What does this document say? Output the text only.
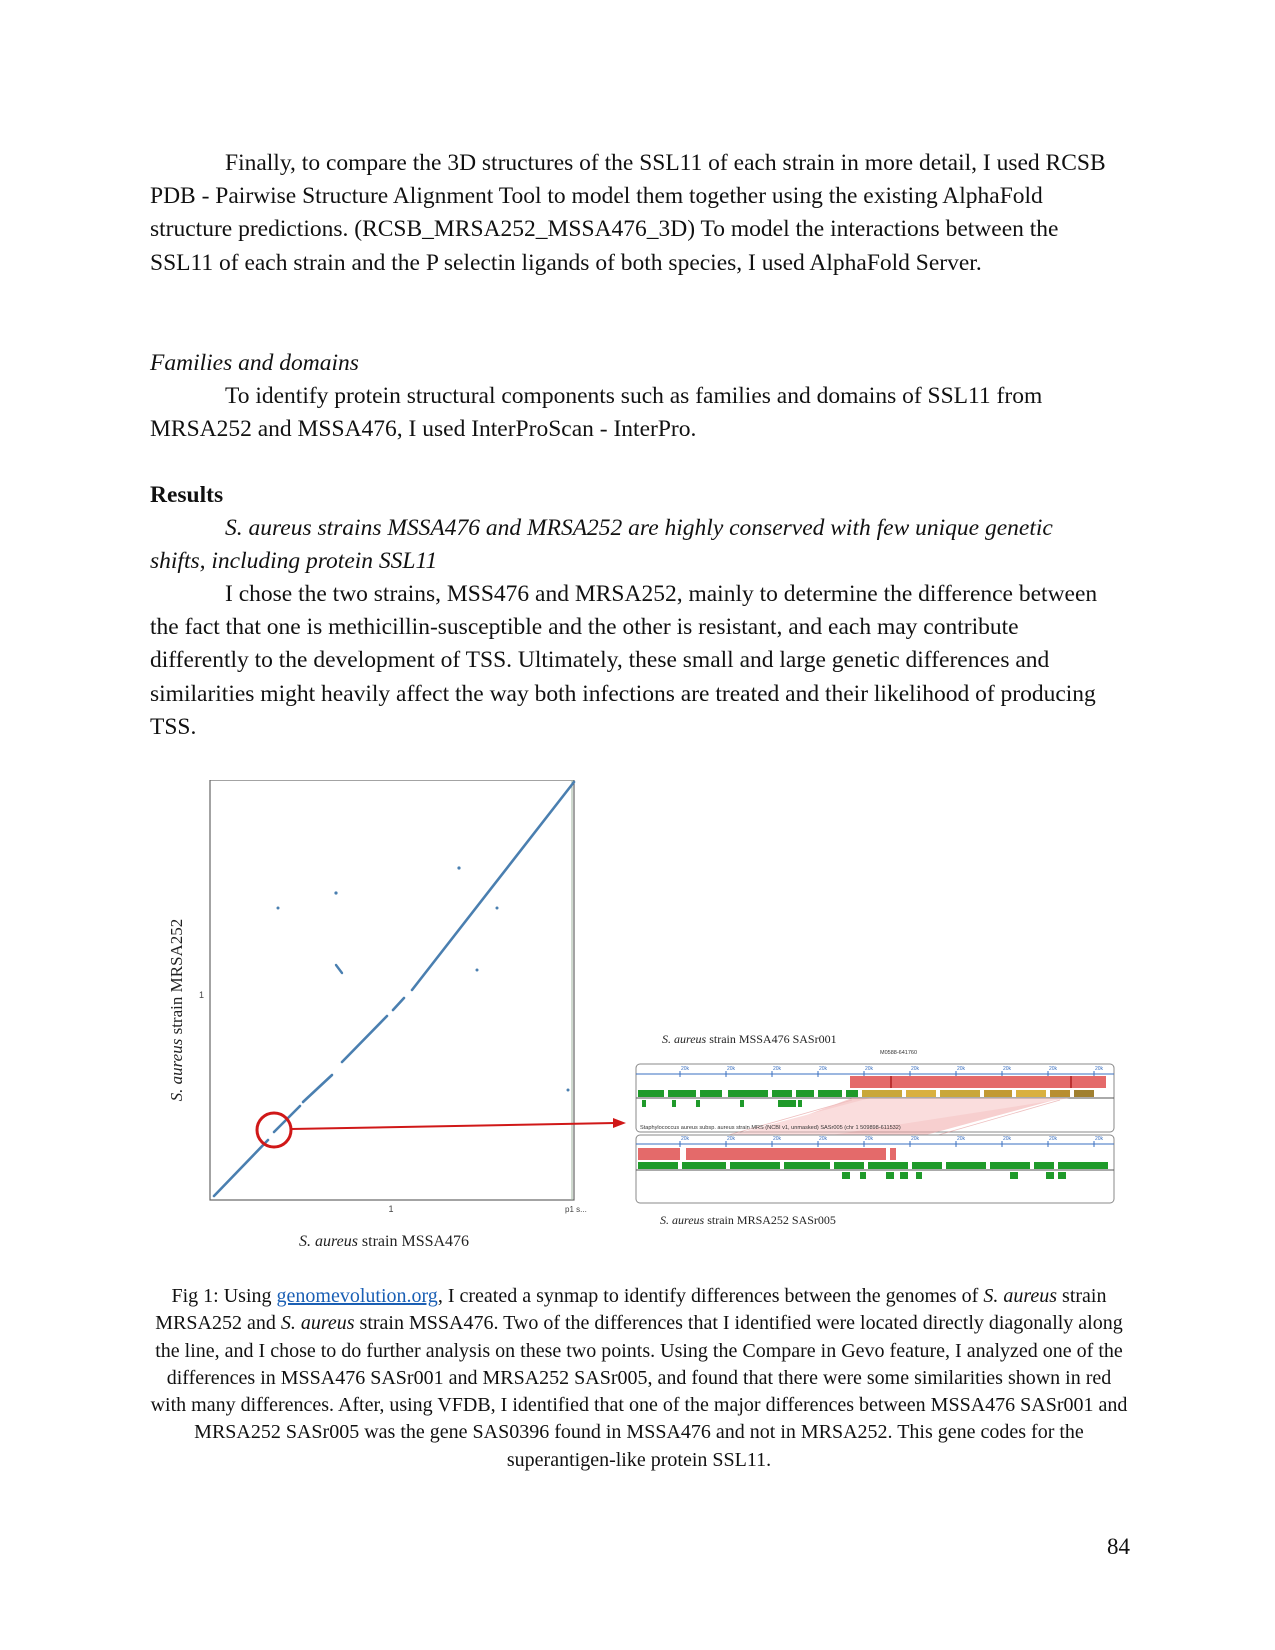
Finally, to compare the 3D structures of the SSL11 of each strain in more detail, I used RCSB PDB - Pairwise Structure Alignment Tool to model them together using the existing AlphaFold structure predictions. (RCSB_MRSA252_MSSA476_3D) To model the interactions between the SSL11 of each strain and the P selectin ligands of both species, I used AlphaFold Server.

Families and domains

To identify protein structural components such as families and domains of SSL11 from MRSA252 and MSSA476, I used InterProScan - InterPro.

Results

S. aureus strains MSSA476 and MRSA252 are highly conserved with few unique genetic shifts, including protein SSL11

I chose the two strains, MSS476 and MRSA252, mainly to determine the difference between the fact that one is methicillin-susceptible and the other is resistant, and each may contribute differently to the development of TSS. Ultimately, these small and large genetic differences and similarities might heavily affect the way both infections are treated and their likelihood of producing TSS.

1
1	p1 s...
S. aureus strain MRSA252
S. aureus strain MSSA476
S. aureus strain MSSA476 SASr001
M0588-641760
20k	20k	20k	20k	20k	20k	20k	20k	20k	20k
Staphylococcus aureus subsp. aureus strain MRS (NCBI v1, unmasked) SASr005 (chr 1 509898-611532)
20k	20k	20k	20k	20k	20k	20k	20k	20k	20k
S. aureus strain MRSA252 SASr005

Fig 1: Using genomevolution.org, I created a synmap to identify differences between the genomes of S. aureus strain MRSA252 and S. aureus strain MSSA476. Two of the differences that I identified were located directly diagonally along the line, and I chose to do further analysis on these two points. Using the Compare in Gevo feature, I analyzed one of the differences in MSSA476 SASr001 and MRSA252 SASr005, and found that there were some similarities shown in red with many differences. After, using VFDB, I identified that one of the major differences between MSSA476 SASr001 and MRSA252 SASr005 was the gene SAS0396 found in MSSA476 and not in MRSA252. This gene codes for the superantigen-like protein SSL11.

84
